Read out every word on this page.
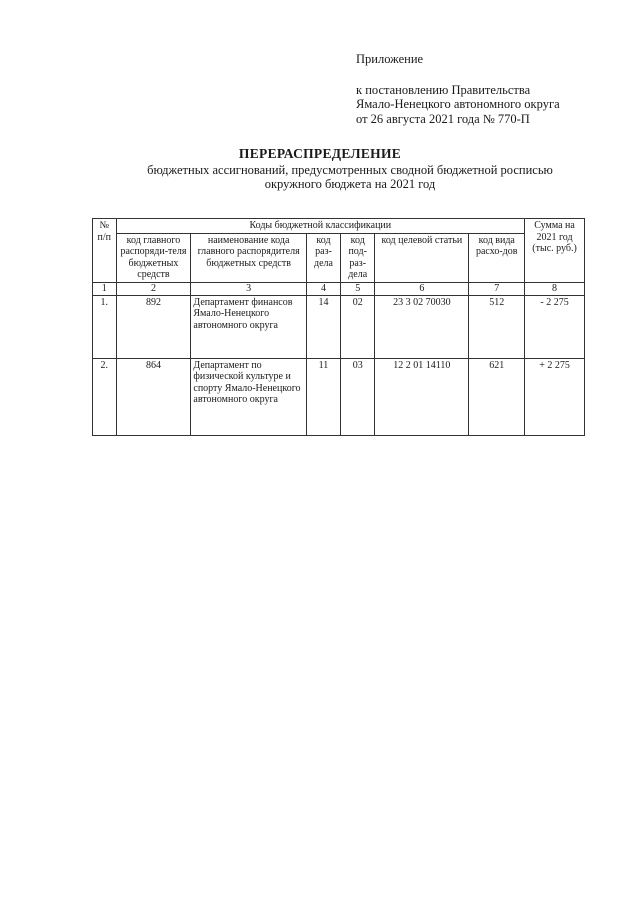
Приложение
к постановлению Правительства
Ямало-Ненецкого автономного округа
от 26 августа 2021 года № 770-П
ПЕРЕРАСПРЕДЕЛЕНИЕ
бюджетных ассигнований, предусмотренных сводной бюджетной росписью
окружного бюджета на 2021 год
№ п/п	Коды бюджетной классификации						Сумма на 2021 год (тыс. руб.)
	код главного распоряди-теля бюджетных средств	наименование кода главного распорядителя бюджетных средств	код раз-дела	код под-раз-дела	код целевой статьи	код вида расхо-дов	
1	2	3	4	5	6	7	8
1.	892	Департамент финансов Ямало-Ненецкого автономного округа	14	02	23 3 02 70030	512	- 2 275
2.	864	Департамент по физической культуре и спорту Ямало-Ненецкого автономного округа	11	03	12 2 01 14110	621	+ 2 275
